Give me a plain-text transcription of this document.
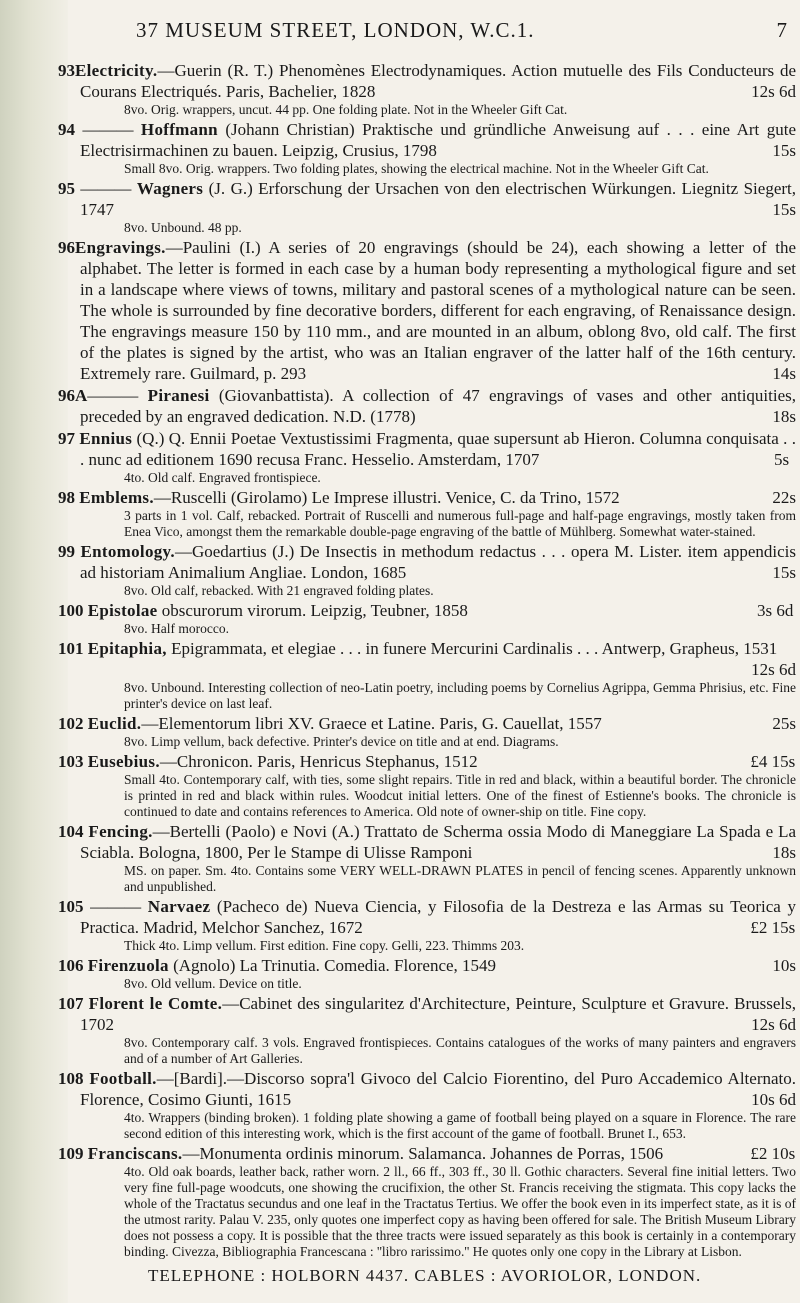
37 MUSEUM STREET, LONDON, W.C.1.	7
93Electricity.—Guerin (R. T.) Phenomènes Electrodynamiques. Action mutuelle des Fils Conducteurs de Courans Electriqués. Paris, Bachelier, 1828	12s 6d
8vo. Orig. wrappers, uncut. 44 pp. One folding plate. Not in the Wheeler Gift Cat.
94 ——— Hoffmann (Johann Christian) Praktische und gründliche Anweisung auf . . . eine Art gute Electrisirmachinen zu bauen. Leipzig, Crusius, 1798	15s
Small 8vo. Orig. wrappers. Two folding plates, showing the electrical machine. Not in the Wheeler Gift Cat.
95 ——— Wagners (J. G.) Erforschung der Ursachen von den electrischen Würkungen. Liegnitz Siegert, 1747	15s
8vo. Unbound. 48 pp.
96Engravings.—Paulini (I.) A series of 20 engravings (should be 24), each showing a letter of the alphabet. The letter is formed in each case by a human body representing a mythological figure and set in a landscape where views of towns, military and pastoral scenes of a mythological nature can be seen. The whole is surrounded by fine decorative borders, different for each engraving, of Renaissance design. The engravings measure 150 by 110 mm., and are mounted in an album, oblong 8vo, old calf. The first of the plates is signed by the artist, who was an Italian engraver of the latter half of the 16th century. Extremely rare. Guilmard, p. 293	14s
96A——— Piranesi (Giovanbattista). A collection of 47 engravings of vases and other antiquities, preceded by an engraved dedication. N.D. (1778)	18s
97 Ennius (Q.) Q. Ennii Poetae Vextustissimi Fragmenta, quae supersunt ab Hieron. Columna conquisata . . . nunc ad editionem 1690 recusa Franc. Hesselio. Amsterdam, 1707	5s
4to. Old calf. Engraved frontispiece.
98 Emblems.—Ruscelli (Girolamo) Le Imprese illustri. Venice, C. da Trino, 1572	22s
3 parts in 1 vol. Calf, rebacked. Portrait of Ruscelli and numerous full-page and half-page engravings, mostly taken from Enea Vico, amongst them the remarkable double-page engraving of the battle of Mühlberg. Somewhat water-stained.
99 Entomology.—Goedartius (J.) De Insectis in methodum redactus . . . opera M. Lister. item appendicis ad historiam Animalium Angliae. London, 1685	15s
8vo. Old calf, rebacked. With 21 engraved folding plates.
100 Epistolae obscurorum virorum. Leipzig, Teubner, 1858	3s 6d
8vo. Half morocco.
101 Epitaphia, Epigrammata, et elegiae . . . in funere Mercurini Cardinalis . . . Antwerp, Grapheus, 1531
12s 6d
8vo. Unbound. Interesting collection of neo-Latin poetry, including poems by Cornelius Agrippa, Gemma Phrisius, etc. Fine printer's device on last leaf.
102 Euclid.—Elementorum libri XV. Graece et Latine. Paris, G. Cauellat, 1557	25s
8vo. Limp vellum, back defective. Printer's device on title and at end. Diagrams.
103 Eusebius.—Chronicon. Paris, Henricus Stephanus, 1512	£4 15s
Small 4to. Contemporary calf, with ties, some slight repairs. Title in red and black, within a beautiful border. The chronicle is printed in red and black within rules. Woodcut initial letters. One of the finest of Estienne's books. The chronicle is continued to date and contains references to America. Old note of owner-ship on title. Fine copy.
104 Fencing.—Bertelli (Paolo) e Novi (A.) Trattato de Scherma ossia Modo di Maneggiare La Spada e La Sciabla. Bologna, 1800, Per le Stampe di Ulisse Ramponi	18s
MS. on paper. Sm. 4to. Contains some VERY WELL-DRAWN PLATES in pencil of fencing scenes. Apparently unknown and unpublished.
105 ——— Narvaez (Pacheco de) Nueva Ciencia, y Filosofia de la Destreza e las Armas su Teorica y Practica. Madrid, Melchor Sanchez, 1672	£2 15s
Thick 4to. Limp vellum. First edition. Fine copy. Gelli, 223. Thimms 203.
106 Firenzuola (Agnolo) La Trinutia. Comedia. Florence, 1549	10s
8vo. Old vellum. Device on title.
107 Florent le Comte.—Cabinet des singularitez d'Architecture, Peinture, Sculpture et Gravure. Brussels, 1702	12s 6d
8vo. Contemporary calf. 3 vols. Engraved frontispieces. Contains catalogues of the works of many painters and engravers and of a number of Art Galleries.
108 Football.—[Bardi].—Discorso sopra'l Givoco del Calcio Fiorentino, del Puro Accademico Alternato. Florence, Cosimo Giunti, 1615	10s 6d
4to. Wrappers (binding broken). 1 folding plate showing a game of football being played on a square in Florence. The rare second edition of this interesting work, which is the first account of the game of football. Brunet I., 653.
109 Franciscans.—Monumenta ordinis minorum. Salamanca. Johannes de Porras, 1506	£2 10s
4to. Old oak boards, leather back, rather worn. 2 ll., 66 ff., 303 ff., 30 ll. Gothic characters. Several fine initial letters. Two very fine full-page woodcuts, one showing the crucifixion, the other St. Francis receiving the stigmata. This copy lacks the whole of the Tractatus secundus and one leaf in the Tractatus Tertius. We offer the book even in its imperfect state, as it is of the utmost rarity. Palau V. 235, only quotes one imperfect copy as having been offered for sale. The British Museum Library does not possess a copy. It is possible that the three tracts were issued separately as this book is certainly in a contemporary binding. Civezza, Bibliographia Francescana : ''libro rarissimo.'' He quotes only one copy in the Library at Lisbon.
TELEPHONE : HOLBORN 4437. CABLES : AVORIOLOR, LONDON.
